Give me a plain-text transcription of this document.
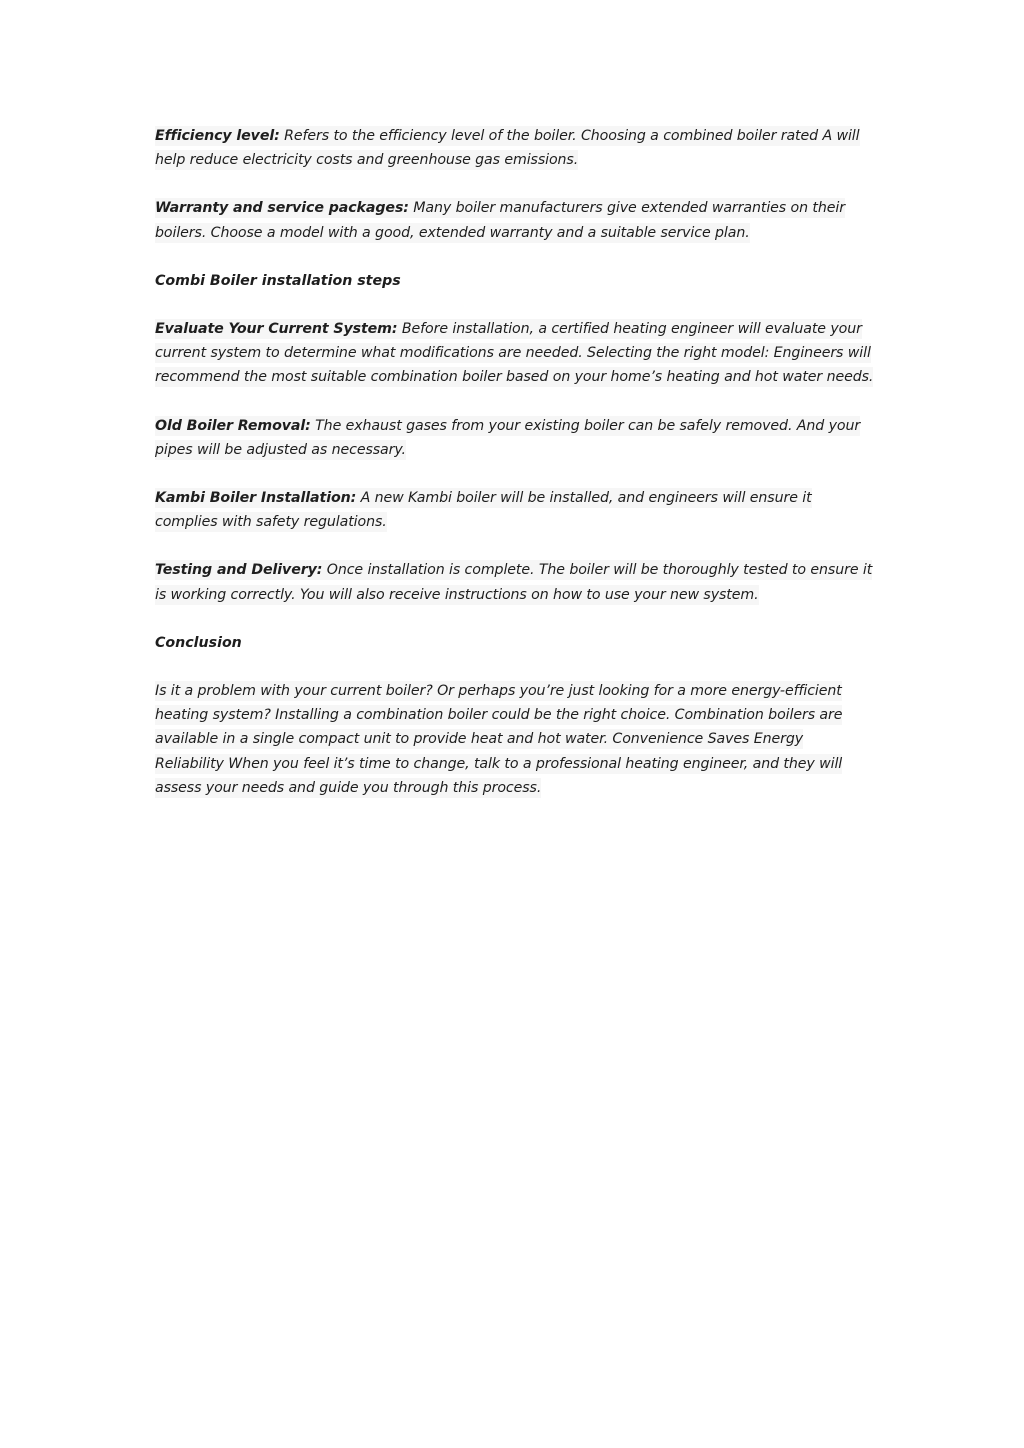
Efficiency level: Refers to the efficiency level of the boiler. Choosing a combined boiler rated A will help reduce electricity costs and greenhouse gas emissions.

Warranty and service packages: Many boiler manufacturers give extended warranties on their boilers. Choose a model with a good, extended warranty and a suitable service plan.

Combi Boiler installation steps

Evaluate Your Current System: Before installation, a certified heating engineer will evaluate your current system to determine what modifications are needed. Selecting the right model: Engineers will recommend the most suitable combination boiler based on your home’s heating and hot water needs.

Old Boiler Removal: The exhaust gases from your existing boiler can be safely removed. And your pipes will be adjusted as necessary.

Kambi Boiler Installation: A new Kambi boiler will be installed, and engineers will ensure it complies with safety regulations.

Testing and Delivery: Once installation is complete. The boiler will be thoroughly tested to ensure it is working correctly. You will also receive instructions on how to use your new system.

Conclusion

Is it a problem with your current boiler? Or perhaps you’re just looking for a more energy-efficient heating system? Installing a combination boiler could be the right choice. Combination boilers are available in a single compact unit to provide heat and hot water. Convenience Saves Energy Reliability When you feel it’s time to change, talk to a professional heating engineer, and they will assess your needs and guide you through this process.
